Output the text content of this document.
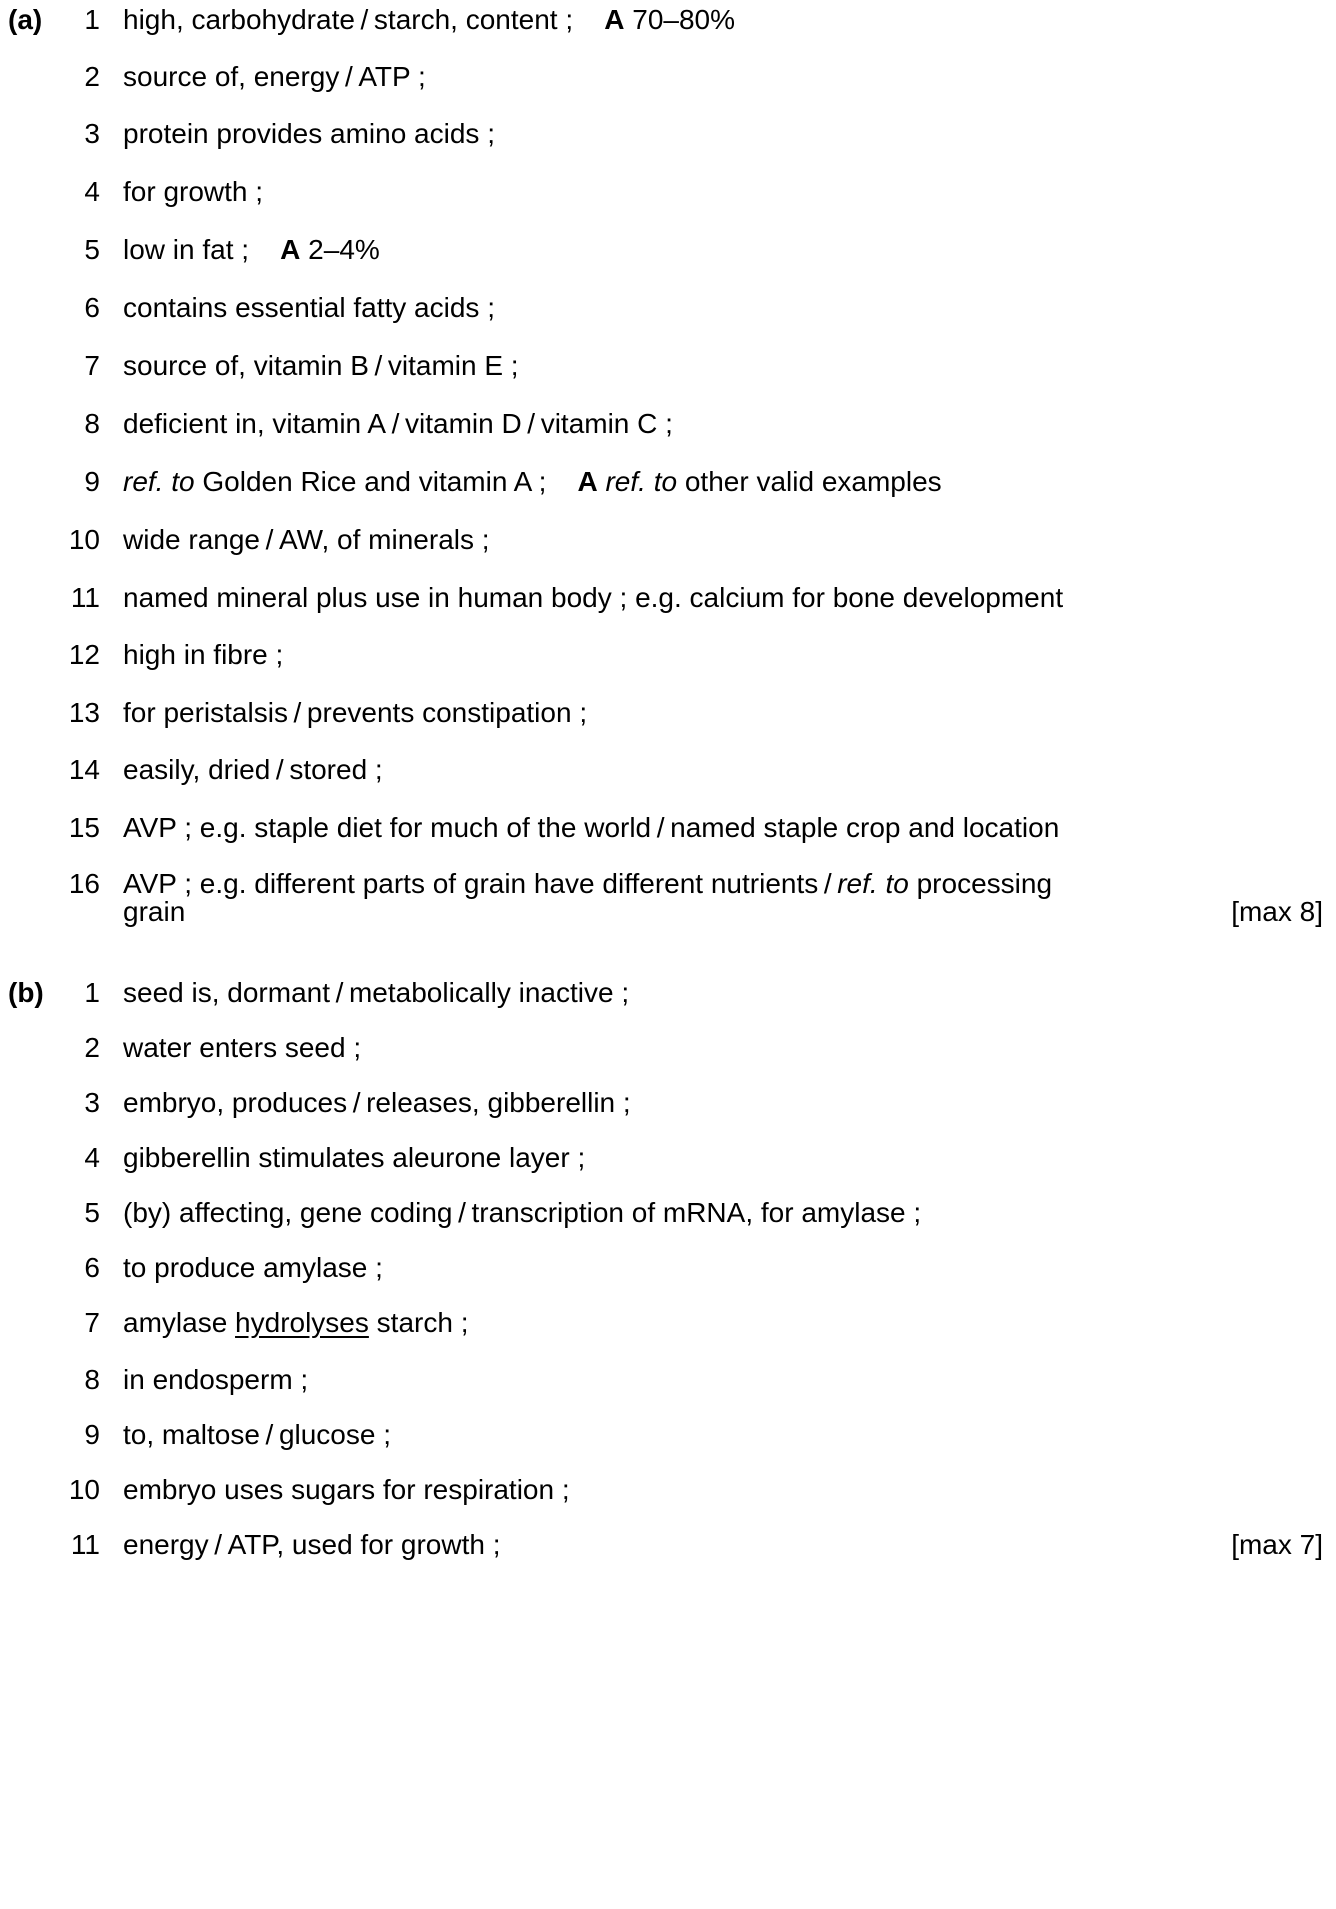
(a)	1 high, carbohydrate / starch, content ;    A 70–80%
2 source of, energy / ATP ;
3 protein provides amino acids ;
4 for growth ;
5 low in fat ;    A 2–4%
6 contains essential fatty acids ;
7 source of, vitamin B / vitamin E ;
8 deficient in, vitamin A / vitamin D / vitamin C ;
9 ref. to Golden Rice and vitamin A ;    A ref. to other valid examples
10 wide range / AW, of minerals ;
11 named mineral plus use in human body ; e.g. calcium for bone development
12 high in fibre ;
13 for peristalsis / prevents constipation ;
14 easily, dried / stored ;
15 AVP ; e.g. staple diet for much of the world / named staple crop and location
16 AVP ; e.g. different parts of grain have different nutrients / ref. to processing
grain	[max 8]
(b)	1 seed is, dormant / metabolically inactive ;
2 water enters seed ;
3 embryo, produces / releases, gibberellin ;
4 gibberellin stimulates aleurone layer ;
5 (by) affecting, gene coding / transcription of mRNA, for amylase ;
6 to produce amylase ;
7 amylase hydrolyses starch ;
8 in endosperm ;
9 to, maltose / glucose ;
10 embryo uses sugars for respiration ;
11 energy / ATP, used for growth ;	[max 7]
